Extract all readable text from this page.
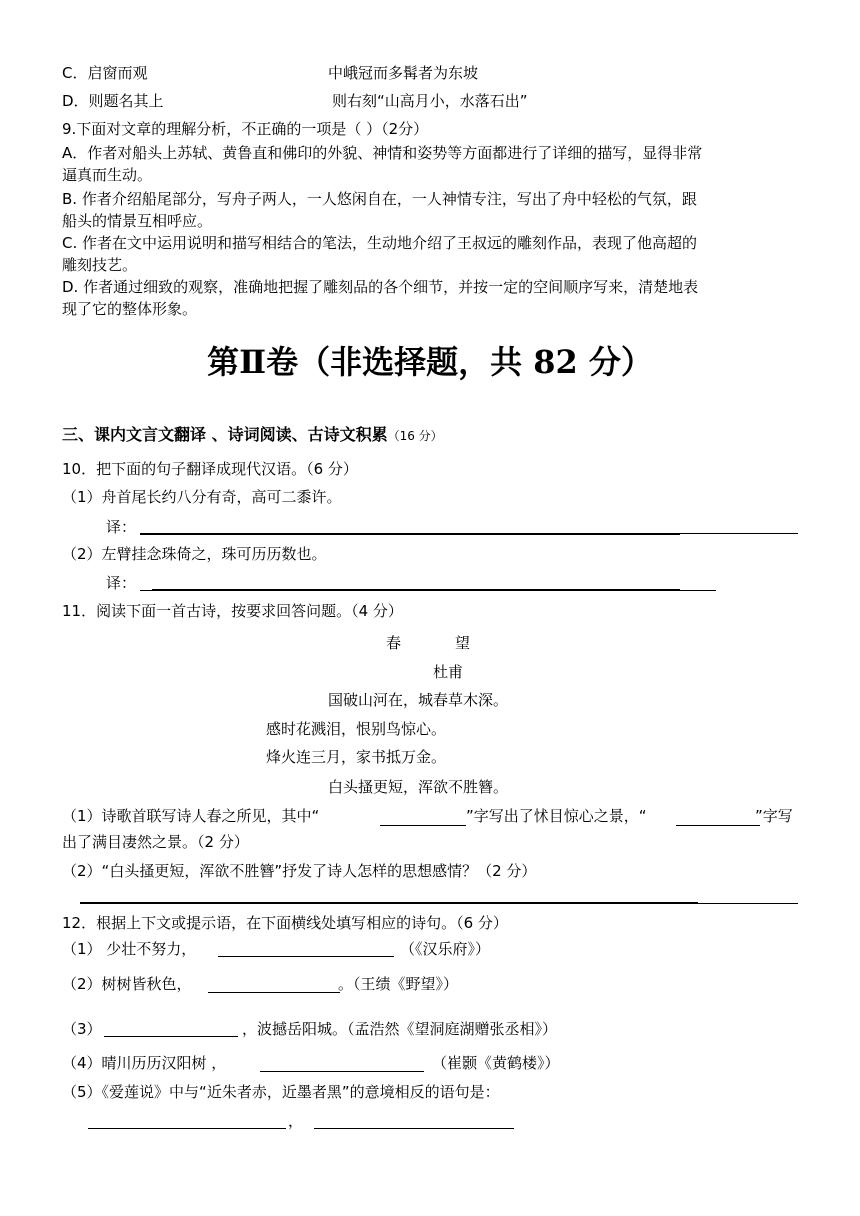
C．启窗而观	中峨冠而多髯者为东坡
D．则题名其上	则右刻“山高月小，水落石出”
9.下面对文章的理解分析，不正确的一项是（ ）（2分）
A．作者对船头上苏轼、黄鲁直和佛印的外貌、神情和姿势等方面都进行了详细的描写，显得非常
逼真而生动。
B. 作者介绍船尾部分，写舟子两人，一人悠闲自在，一人神情专注，写出了舟中轻松的气氛，跟
船头的情景互相呼应。
C. 作者在文中运用说明和描写相结合的笔法，生动地介绍了王叔远的雕刻作品，表现了他高超的
雕刻技艺。
D. 作者通过细致的观察，准确地把握了雕刻品的各个细节，并按一定的空间顺序写来，清楚地表
现了它的整体形象。
第Ⅱ卷（非选择题，共 82 分）
三、课内文言文翻译 、诗词阅读、古诗文积累（16 分）
10．把下面的句子翻译成现代汉语。（6 分）
（1）舟首尾长约八分有奇，高可二黍许。
译：
（2）左臂挂念珠倚之，珠可历历数也。
译：
11．阅读下面一首古诗，按要求回答问题。（4 分）
春	望
杜甫
国破山河在，城春草木深。
感时花溅泪，恨别鸟惊心。
烽火连三月，家书抵万金。
白头搔更短，浑欲不胜簪。
（1）诗歌首联写诗人春之所见，其中“	”字写出了怵目惊心之景，“	”字写
出了满目凄然之景。（2 分）
（2）“白头搔更短，浑欲不胜簪”抒发了诗人怎样的思想感情？（2 分）
12．根据上下文或提示语，在下面横线处填写相应的诗句。（6 分）
（1） 少壮不努力，	（《汉乐府》）
（2）树树皆秋色，	。（王绩《野望》）
（3）	，波撼岳阳城。（孟浩然《望洞庭湖赠张丞相》）
（4）晴川历历汉阳树 ，	（崔颢《黄鹤楼》）
（5）《爱莲说》中与“近朱者赤，近墨者黑”的意境相反的语句是：
，
